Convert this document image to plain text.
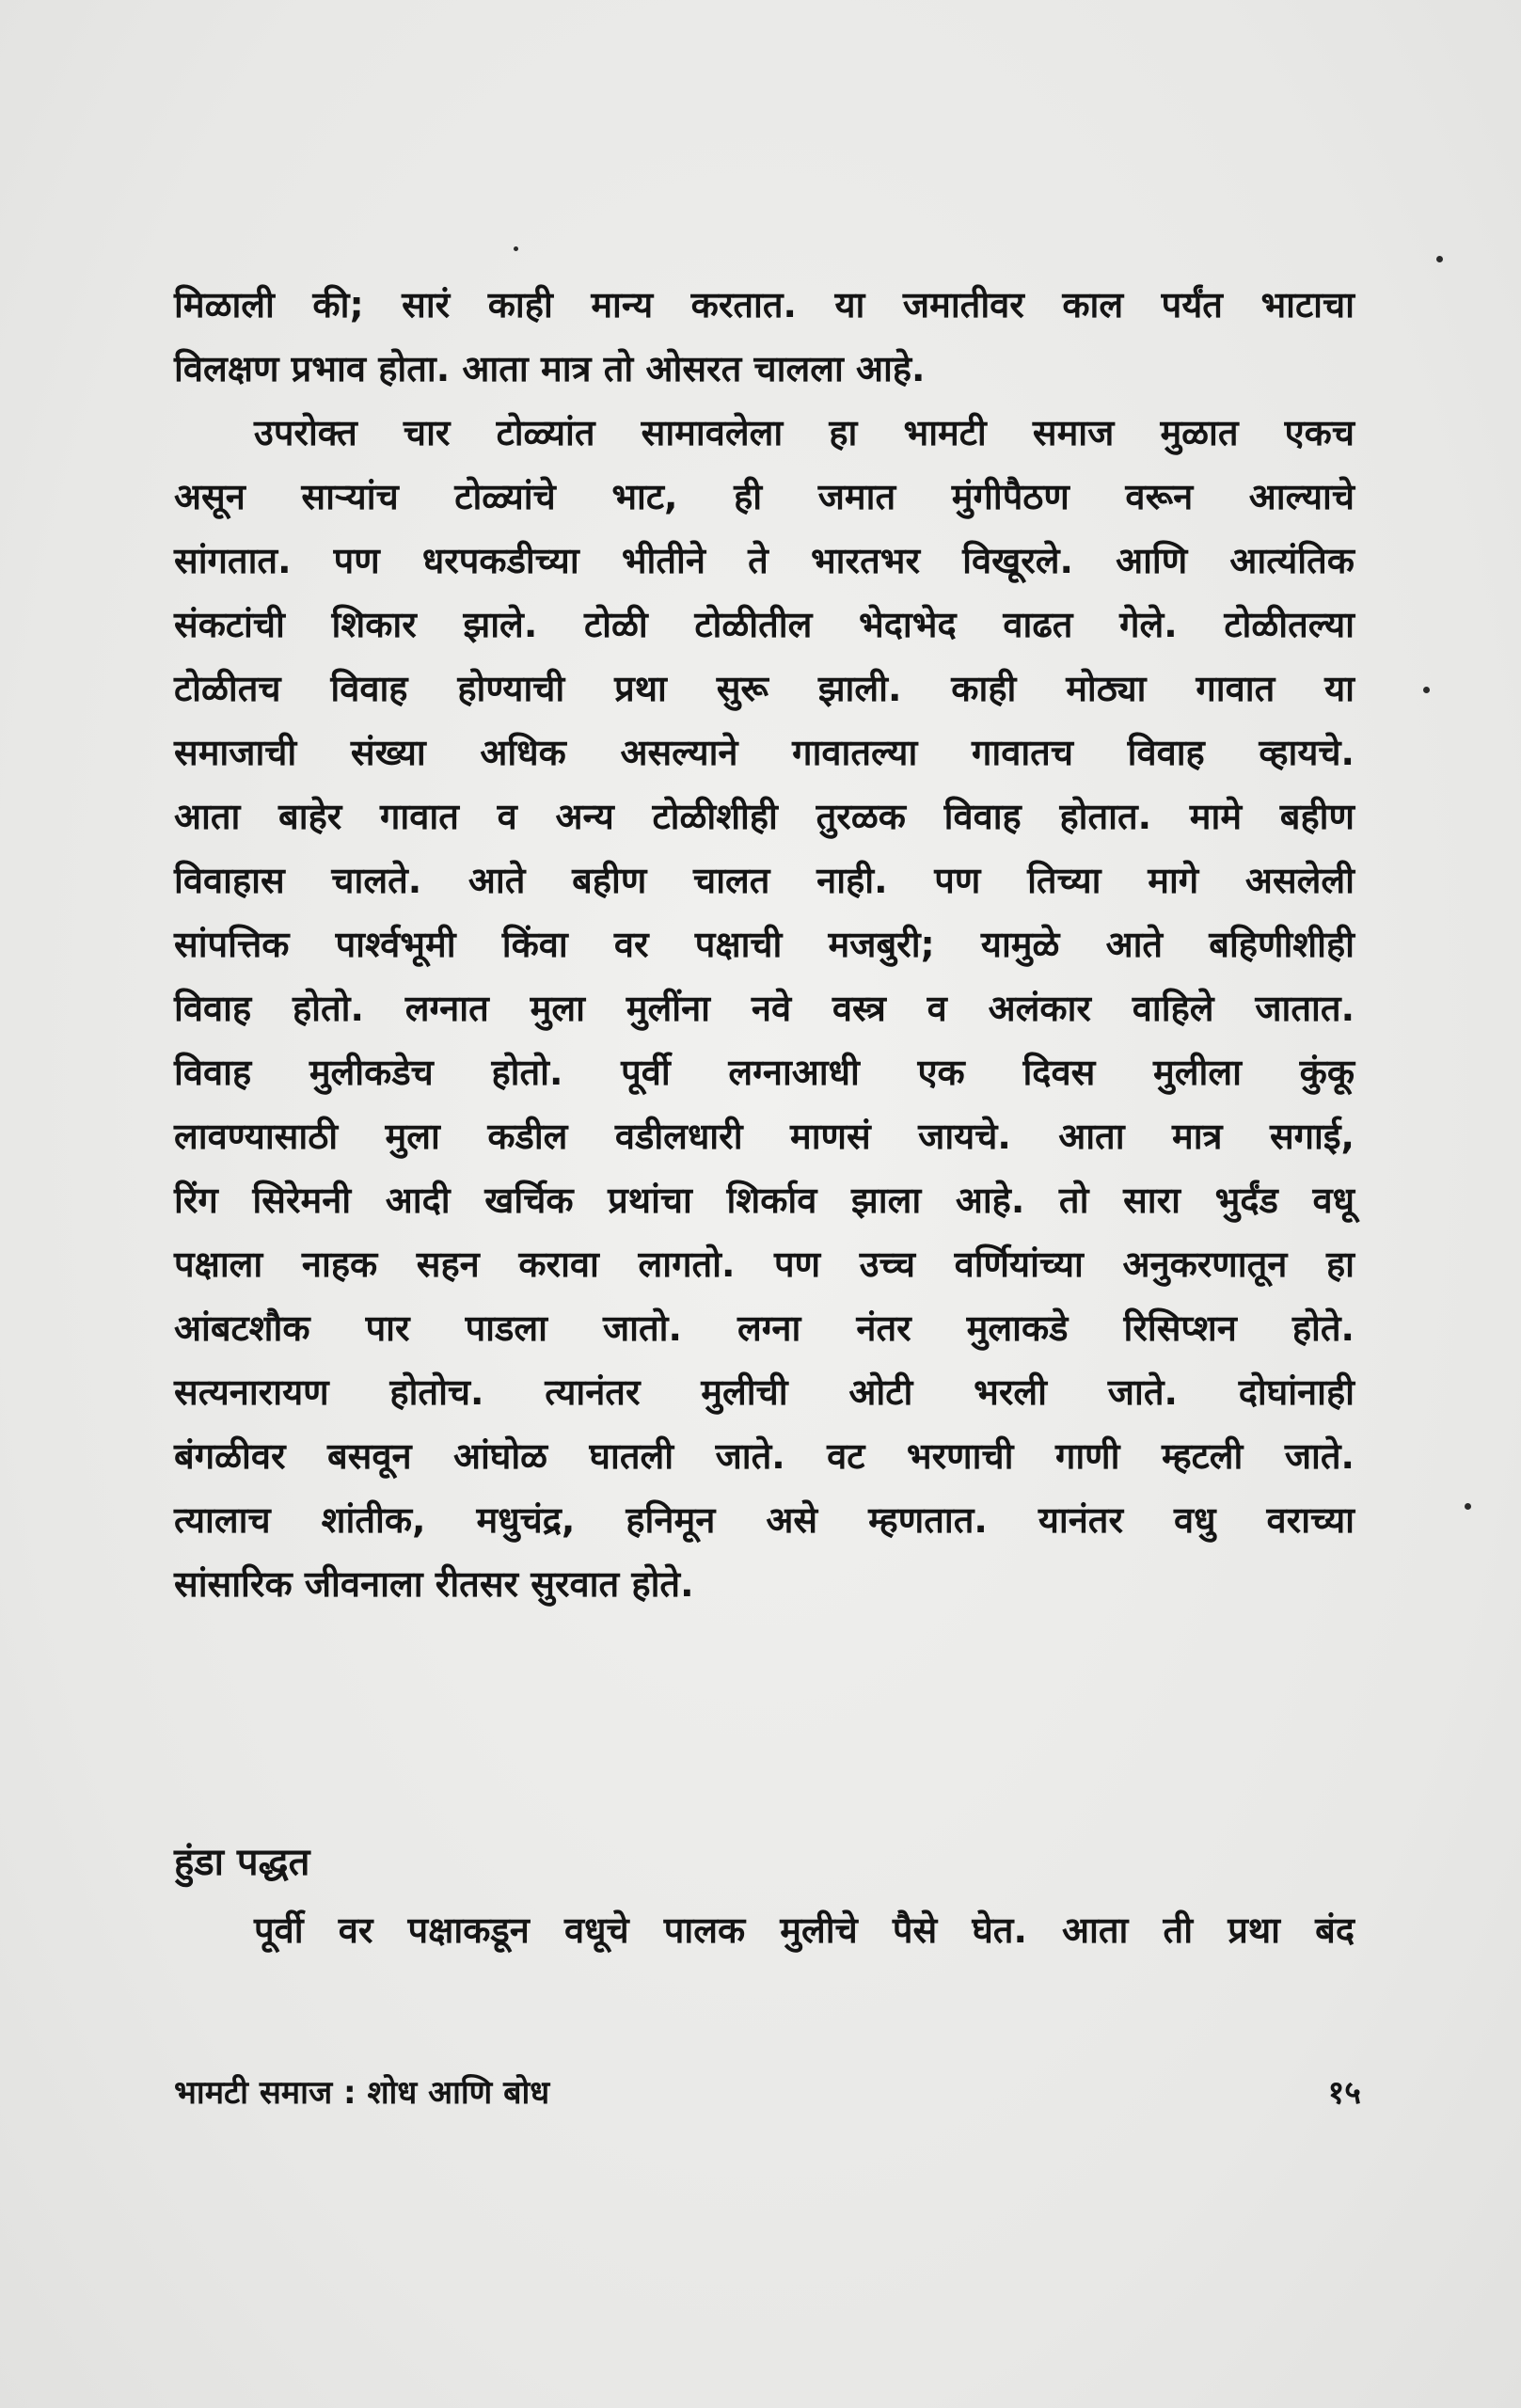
मिळाली की; सारं काही मान्य करतात. या जमातीवर काल पर्यंत भाटाचा
विलक्षण प्रभाव होता. आता मात्र तो ओसरत चालला आहे.
उपरोक्त चार टोळ्यांत सामावलेला हा भामटी समाज मुळात एकच
असून साऱ्यांच टोळ्यांचे भाट, ही जमात मुंगीपैठण वरून आल्याचे
सांगतात. पण धरपकडीच्या भीतीने ते भारतभर विखूरले. आणि आत्यंतिक
संकटांची शिकार झाले. टोळी टोळीतील भेदाभेद वाढत गेले. टोळीतल्या
टोळीतच विवाह होण्याची प्रथा सुरू झाली. काही मोठ्या गावात या
समाजाची संख्या अधिक असल्याने गावातल्या गावातच विवाह व्हायचे.
आता बाहेर गावात व अन्य टोळीशीही तुरळक विवाह होतात. मामे बहीण
विवाहास चालते. आते बहीण चालत नाही. पण तिच्या मागे असलेली
सांपत्तिक पार्श्वभूमी किंवा वर पक्षाची मजबुरी; यामुळे आते बहिणीशीही
विवाह होतो. लग्नात मुला मुलींना नवे वस्त्र व अलंकार वाहिले जातात.
विवाह मुलीकडेच होतो. पूर्वी लग्नाआधी एक दिवस मुलीला कुंकू
लावण्यासाठी मुला कडील वडीलधारी माणसं जायचे. आता मात्र सगाई,
रिंग सिरेमनी आदी खर्चिक प्रथांचा शिर्काव झाला आहे. तो सारा भुर्दंड वधू
पक्षाला नाहक सहन करावा लागतो. पण उच्च वर्णियांच्या अनुकरणातून हा
आंबटशौक पार पाडला जातो. लग्ना नंतर मुलाकडे रिसिप्शन होते.
सत्यनारायण होतोच. त्यानंतर मुलीची ओटी भरली जाते. दोघांनाही
बंगळीवर बसवून आंघोळ घातली जाते. वट भरणाची गाणी म्हटली जाते.
त्यालाच शांतीक, मधुचंद्र, हनिमून असे म्हणतात. यानंतर वधु वराच्या
सांसारिक जीवनाला रीतसर सुरवात होते.
हुंडा पद्धत
पूर्वी वर पक्षाकडून वधूचे पालक मुलीचे पैसे घेत. आता ती प्रथा बंद
भामटी समाज : शोध आणि बोध	१५
